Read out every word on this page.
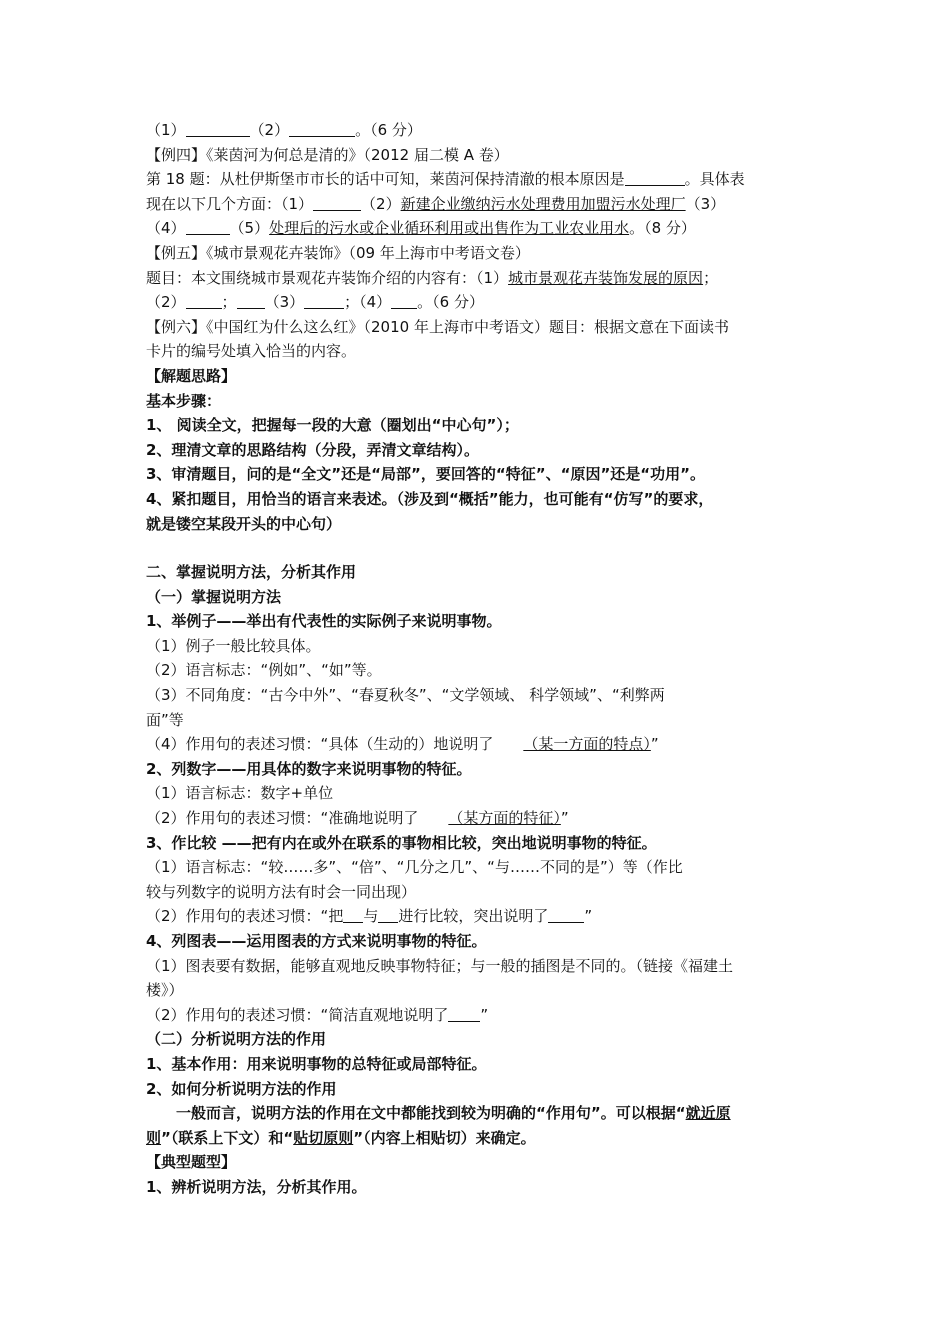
（1）	（2）	。（6 分）
【例四】《莱茵河为何总是清的》（2012 届二模 A 卷）
第 18 题：从杜伊斯堡市市长的话中可知，莱茵河保持清澈的根本原因是	。具体表
现在以下几个方面：（1）	（2）新建企业缴纳污水处理费用加盟污水处理厂（3）
（4）	（5）处理后的污水或企业循环利用或出售作为工业农业用水。（8 分）
【例五】《城市景观花卉装饰》（09 年上海市中考语文卷）
题目：本文围绕城市景观花卉装饰介绍的内容有：（1）城市景观花卉装饰发展的原因；
（2） ； （3）	；（4） 。（6 分）
【例六】《中国红为什么这么红》（2010 年上海市中考语文）题目：根据文意在下面读书
卡片的编号处填入恰当的内容。
【解题思路】
基本步骤：
1、 阅读全文，把握每一段的大意（圈划出“中心句”）；
2、理清文章的思路结构（分段，弄清文章结构）。
3、审清题目，问的是“全文”还是“局部”，要回答的“特征”、“原因”还是“功用”。
4、紧扣题目，用恰当的语言来表述。（涉及到“概括”能力，也可能有“仿写”的要求，
就是镂空某段开头的中心句）
二、掌握说明方法，分析其作用
（一）掌握说明方法
1、举例子——举出有代表性的实际例子来说明事物。
（1）例子一般比较具体。
（2）语言标志：“例如”、“如”等。
（3）不同角度：“古今中外”、“春夏秋冬”、“文学领域、 科学领域”、“利弊两
面”等
（4）作用句的表述习惯：“具体（生动的）地说明了 （某一方面的特点）”
2、列数字——用具体的数字来说明事物的特征。
（1）语言标志：数字+单位
（2）作用句的表述习惯：“准确地说明了 （某方面的特征）”
3、作比较 ——把有内在或外在联系的事物相比较，突出地说明事物的特征。
（1）语言标志：“较……多”、“倍”、“几分之几”、“与……不同的是”）等（作比
较与列数字的说明方法有时会一同出现）
（2）作用句的表述习惯：“把 与 进行比较，突出说明了 ”
4、列图表——运用图表的方式来说明事物的特征。
（1）图表要有数据，能够直观地反映事物特征；与一般的插图是不同的。（链接《福建土
楼》）
（2）作用句的表述习惯：“简洁直观地说明了 ”
（二）分析说明方法的作用
1、基本作用：用来说明事物的总特征或局部特征。
2、如何分析说明方法的作用
一般而言，说明方法的作用在文中都能找到较为明确的“作用句”。可以根据“就近原
则”（联系上下文）和“贴切原则”（内容上相贴切）来确定。
【典型题型】
1、辨析说明方法，分析其作用。
